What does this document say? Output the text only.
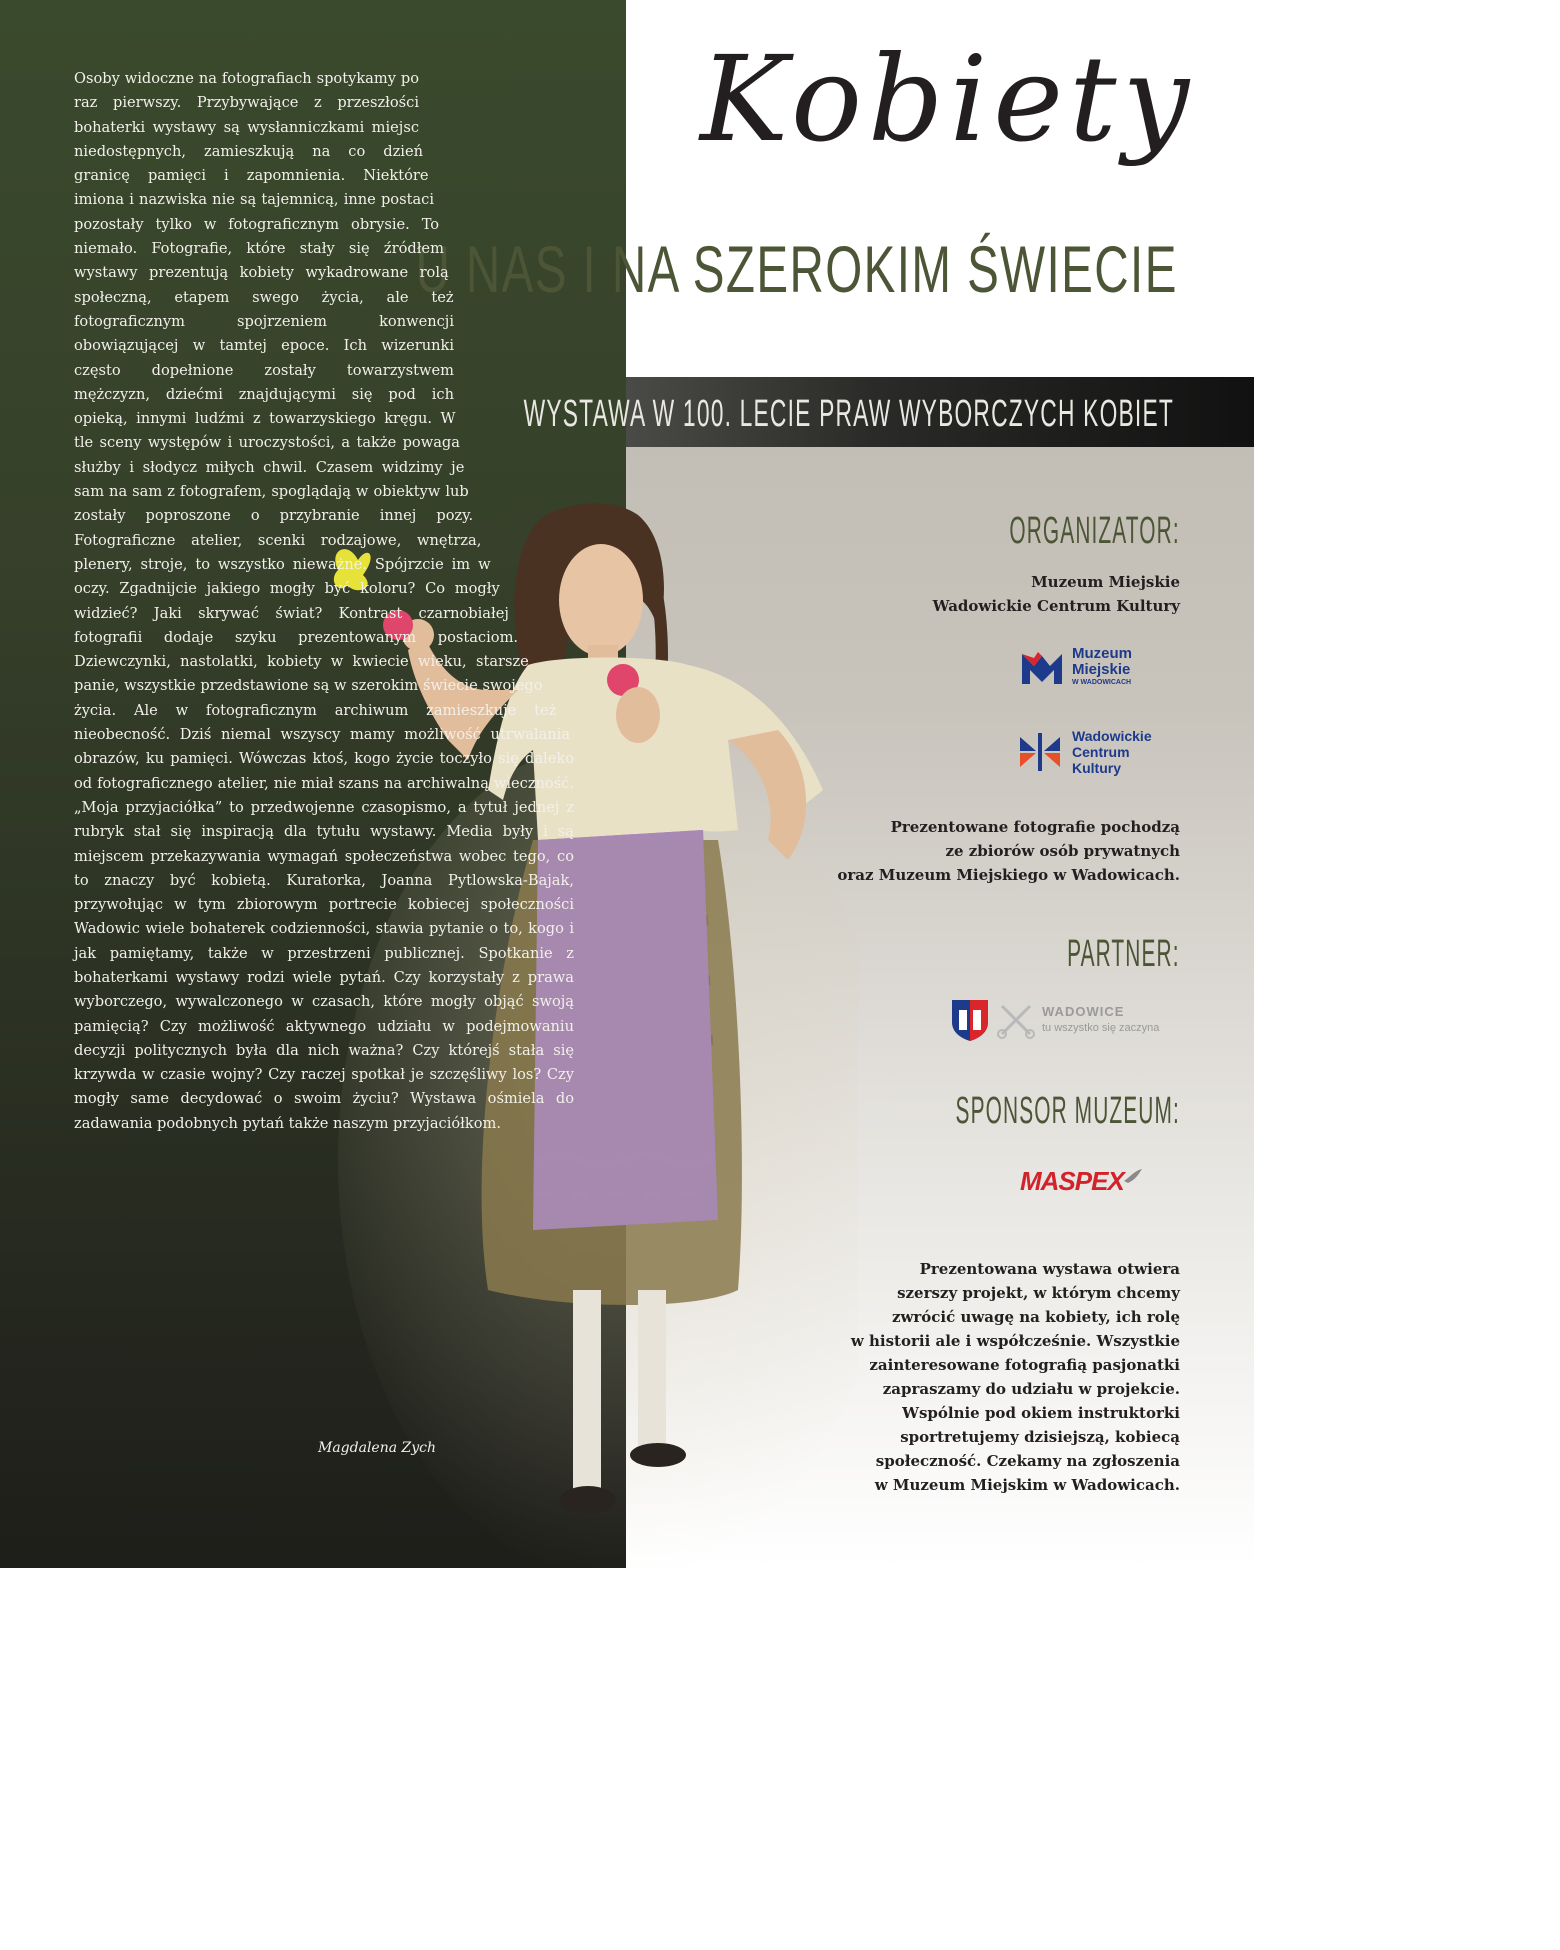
Kobiety
U NAS I NA SZEROKIM ŚWIECIE
WYSTAWA W 100. LECIE PRAW WYBORCZYCH KOBIET
Osoby widoczne na fotografiach spotykamy po raz pierwszy. Przybywające z przeszłości bohaterki wystawy są wysłanniczkami miejsc niedostępnych, zamieszkują na co dzień granicę pamięci i zapomnienia. Niektóre imiona i nazwiska nie są tajemnicą, inne postaci pozostały tylko w fotograficznym obrysie. To niemało. Fotografie, które stały się źródłem wystawy prezentują kobiety wykadrowane rolą społeczną, etapem swego życia, ale też fotograficznym spojrzeniem konwencji obowiązującej w tamtej epoce. Ich wizerunki często dopełnione zostały towarzystwem mężczyzn, dziećmi znajdującymi się pod ich opieką, innymi ludźmi z towarzyskiego kręgu. W tle sceny występów i uroczystości, a także powaga służby i słodycz miłych chwil. Czasem widzimy je sam na sam z fotografem, spoglądają w obiektyw lub zostały poproszone o przybranie innej pozy. Fotograficzne atelier, scenki rodzajowe, wnętrza, plenery, stroje, to wszystko nieważne. Spójrzcie im w oczy. Zgadnijcie jakiego mogły być koloru? Co mogły widzieć? Jaki skrywać świat? Kontrast czarnobiałej fotografii dodaje szyku prezentowanym postaciom. Dziewczynki, nastolatki, kobiety w kwiecie wieku, starsze panie, wszystkie przedstawione są w szerokim świecie swojego życia. Ale w fotograficznym archiwum zamieszkuje też nieobecność. Dziś niemal wszyscy mamy możliwość utrwalania obrazów, ku pamięci. Wówczas ktoś, kogo życie toczyło się daleko od fotograficznego atelier, nie miał szans na archiwalną wieczność. „Moja przyjaciółka” to przedwojenne czasopismo, a tytuł jednej z rubryk stał się inspiracją dla tytułu wystawy. Media były i są miejscem przekazywania wymagań społeczeństwa wobec tego, co to znaczy być kobietą. Kuratorka, Joanna Pytlowska-Bajak, przywołując w tym zbiorowym portrecie kobiecej społeczności Wadowic wiele bohaterek codzienności, stawia pytanie o to, kogo i jak pamiętamy, także w przestrzeni publicznej. Spotkanie z bohaterkami wystawy rodzi wiele pytań. Czy korzystały z prawa wyborczego, wywalczonego w czasach, które mogły objąć swoją pamięcią? Czy możliwość aktywnego udziału w podejmowaniu decyzji politycznych była dla nich ważna? Czy którejś stała się krzywda w czasie wojny? Czy raczej spotkał je szczęśliwy los? Czy mogły same decydować o swoim życiu? Wystawa ośmiela do zadawania podobnych pytań także naszym przyjaciółkom.
Magdalena Zych
ORGANIZATOR:
Muzeum Miejskie
Wadowickie Centrum Kultury
Muzeum
Miejskie
W WADOWICACH
Wadowickie
Centrum
Kultury
Prezentowane fotografie pochodzą
ze zbiorów osób prywatnych
oraz Muzeum Miejskiego w Wadowicach.
PARTNER:
WADOWICE
tu wszystko się zaczyna
SPONSOR MUZEUM:
MASPEX
Prezentowana wystawa otwiera
szerszy projekt, w którym chcemy
zwrócić uwagę na kobiety, ich rolę
w historii ale i współcześnie. Wszystkie
zainteresowane fotografią pasjonatki
zapraszamy do udziału w projekcie.
Wspólnie pod okiem instruktorki
sportretujemy dzisiejszą, kobiecą
społeczność. Czekamy na zgłoszenia
w Muzeum Miejskim w Wadowicach.
